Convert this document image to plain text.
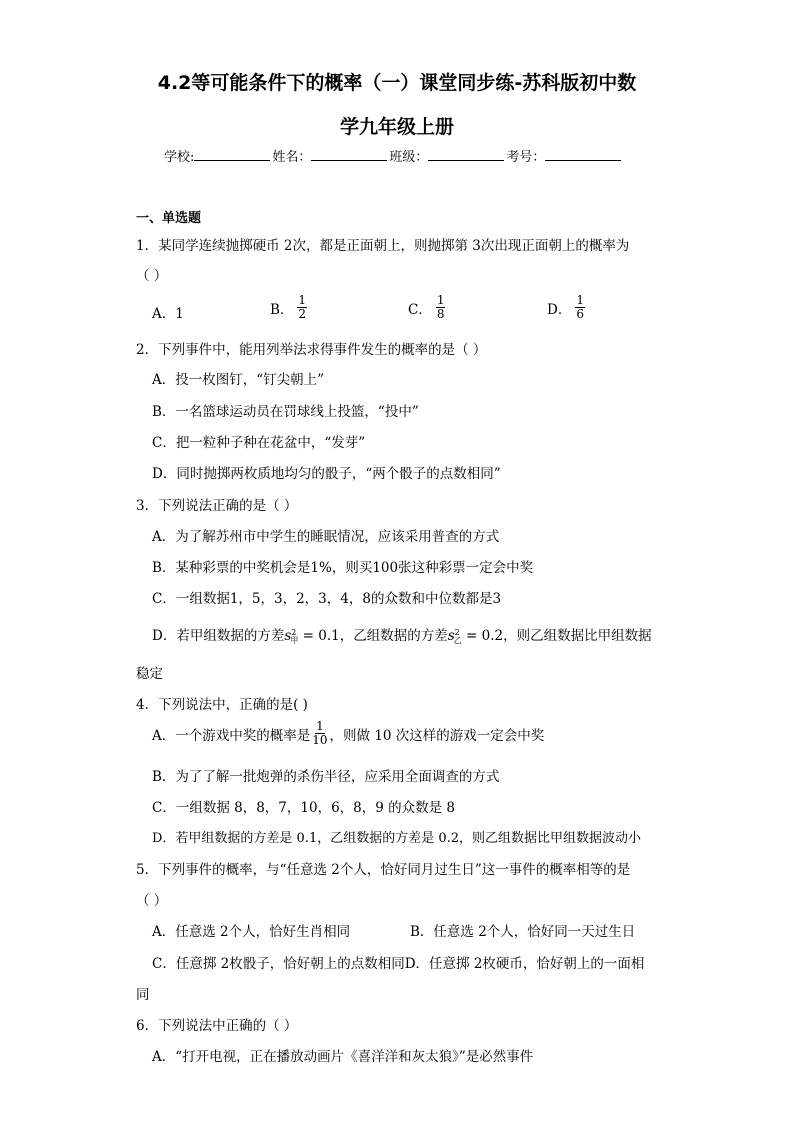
4.2等可能条件下的概率（一）课堂同步练-苏科版初中数
学九年级上册
学校:	姓名：	班级：	考号：
一、单选题
1．某同学连续抛掷硬币 2次，都是正面朝上，则抛掷第 3次出现正面朝上的概率为
（ ）
A．1	B． $\frac{1}{2}$	C． $\frac{1}{8}$	D． $\frac{1}{6}$
2．下列事件中，能用列举法求得事件发生的概率的是（ ）
A．投一枚图钉，“钉尖朝上”
B．一名篮球运动员在罚球线上投篮，“投中”
C．把一粒种子种在花盆中，“发芽”
D．同时抛掷两枚质地均匀的骰子，“两个骰子的点数相同”
3．下列说法正确的是（ ）
A．为了解苏州市中学生的睡眠情况，应该采用普查的方式
B．某种彩票的中奖机会是1%，则买100张这种彩票一定会中奖
C．一组数据1，5，3，2，3，4，8的众数和中位数都是3
D．若甲组数据的方差$s^2_甲 = 0.1$，乙组数据的方差$s^2_乙 = 0.2$，则乙组数据比甲组数据
稳定
4．下列说法中，正确的是( )
A．一个游戏中奖的概率是 $\frac{1}{10}$ ，则做 10 次这样的游戏一定会中奖
B．为了了解一批炮弹的杀伤半径，应采用全面调查的方式
C．一组数据 8，8，7，10，6，8，9 的众数是 8
D．若甲组数据的方差是 0.1，乙组数据的方差是 0.2，则乙组数据比甲组数据波动小
5．下列事件的概率，与“任意选 2个人，恰好同月过生日”这一事件的概率相等的是
（ ）
A．任意选 2个人，恰好生肖相同	B．任意选 2个人，恰好同一天过生日
C．任意掷 2枚骰子，恰好朝上的点数相同D．任意掷 2枚硬币，恰好朝上的一面相
同
6．下列说法中正确的（ ）
A．“打开电视，正在播放动画片《喜洋洋和灰太狼》”是必然事件
